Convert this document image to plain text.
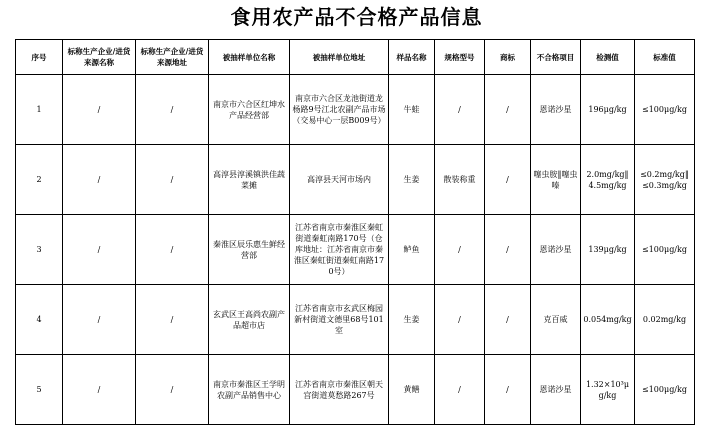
食用农产品不合格产品信息
序号	标称生产企业/进货来源名称	标称生产企业/进货来源地址	被抽样单位名称	被抽样单位地址	样品名称	规格型号	商标	不合格项目	检测值	标准值
1	/	/	南京市六合区红坤水产品经营部	南京市六合区龙池街道龙杨路9号江北农副产品市场（交易中心一层B009号）	牛蛙	/	/	恩诺沙星	196μg/kg	≤100μg/kg
2	/	/	高淳县淳溪镇洪佳蔬菜摊	高淳县天河市场内	生姜	散装称重	/	噻虫胺‖噻虫嗪	2.0mg/kg‖4.5mg/kg	≤0.2mg/kg‖≤0.3mg/kg
3	/	/	秦淮区辰乐惠生鲜经营部	江苏省南京市秦淮区秦虹街道秦虹南路170号（仓库地址：江苏省南京市秦淮区秦虹街道秦虹南路170号）	鲈鱼	/	/	恩诺沙星	139μg/kg	≤100μg/kg
4	/	/	玄武区王高尚农副产品超市店	江苏省南京市玄武区梅园新村街道文德里68号101室	生姜	/	/	克百威	0.054mg/kg	0.02mg/kg
5	/	/	南京市秦淮区王学明农副产品销售中心	江苏省南京市秦淮区朝天宫街道莫愁路267号	黄鳝	/	/	恩诺沙星	1.32×10³μg/kg	≤100μg/kg
